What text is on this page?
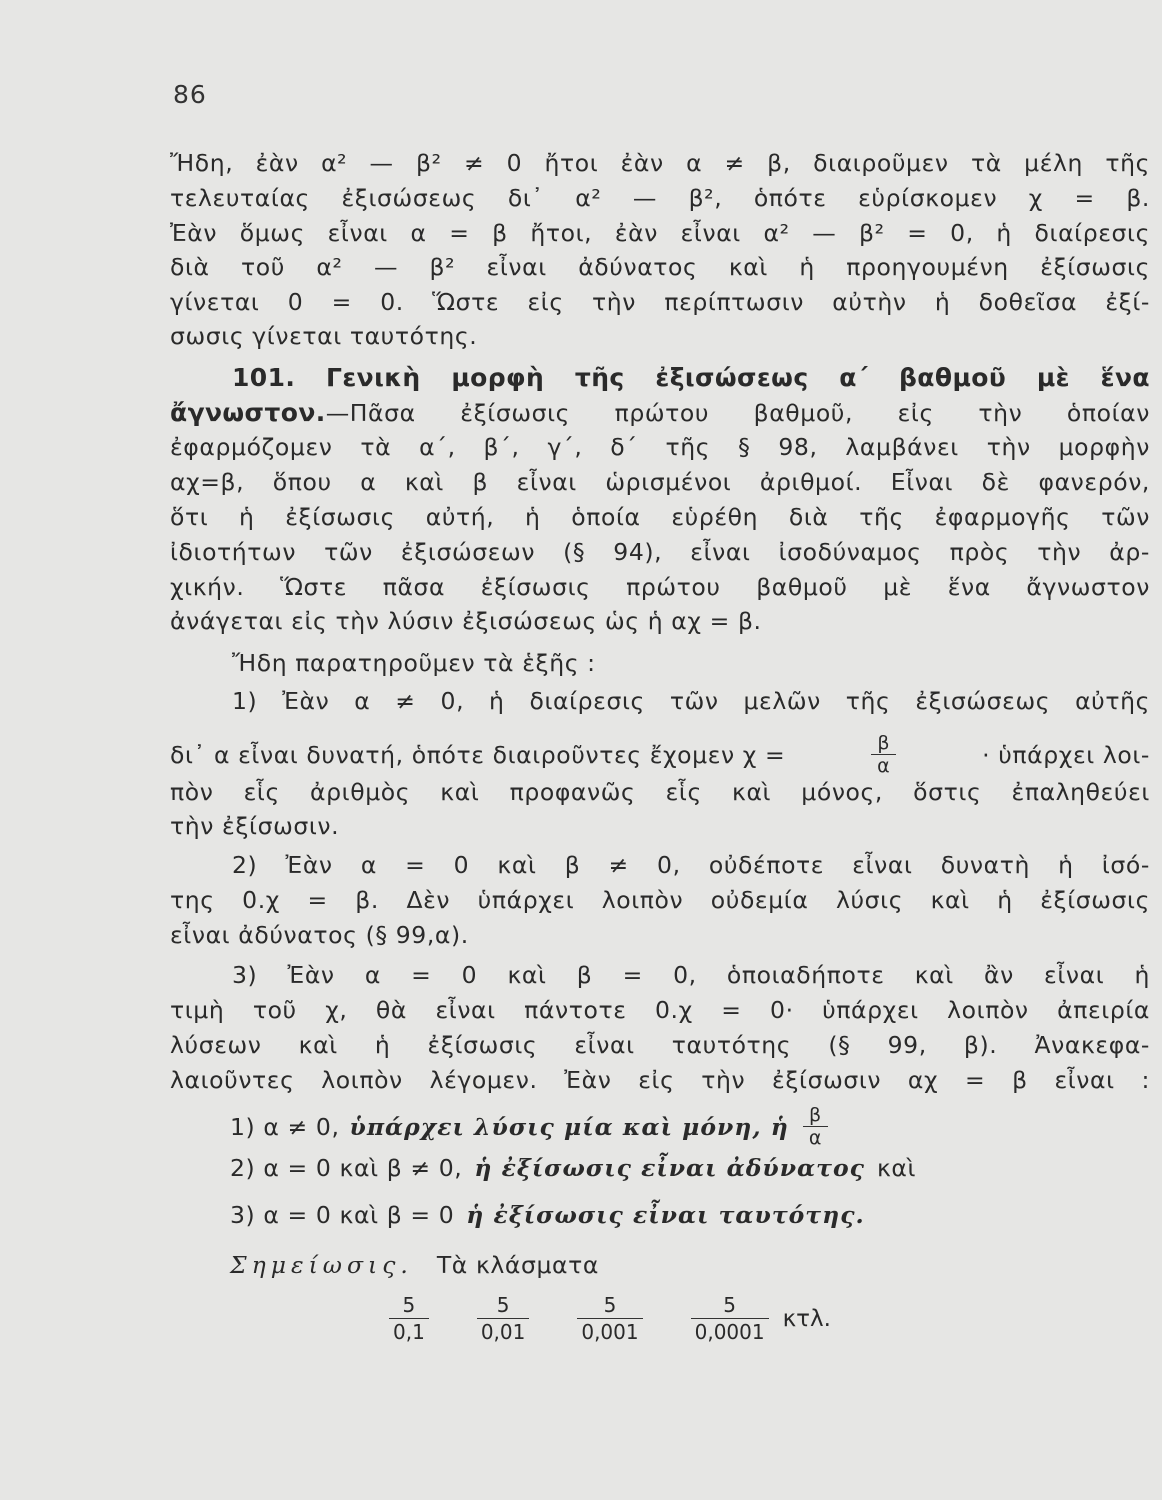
86
Ἤδη, ἐὰν α² — β² ≠ 0 ἤτοι ἐὰν α ≠ β, διαιροῦμεν τὰ μέλη τῆς
τελευταίας ἐξισώσεως δι᾽ α² — β², ὁπότε εὑρίσκομεν χ = β.
Ἐὰν ὅμως εἶναι α = β ἤτοι, ἐὰν εἶναι α² — β² = 0, ἡ διαίρεσις
διὰ τοῦ α² — β² εἶναι ἀδύνατος καὶ ἡ προηγουμένη ἐξίσωσις
γίνεται 0 = 0. Ὥστε εἰς τὴν περίπτωσιν αὐτὴν ἡ δοθεῖσα ἐξί-
σωσις γίνεται ταυτότης.
101. Γενικὴ μορφὴ τῆς ἐξισώσεως α΄ βαθμοῦ μὲ ἕνα
ἄγνωστον. —Πᾶσα ἐξίσωσις πρώτου βαθμοῦ, εἰς τὴν ὁποίαν
ἐφαρμόζομεν τὰ α΄, β΄, γ΄, δ΄ τῆς § 98, λαμβάνει τὴν μορφὴν
αχ=β, ὅπου α καὶ β εἶναι ὡρισμένοι ἀριθμοί. Εἶναι δὲ φανερόν,
ὅτι ἡ ἐξίσωσις αὐτή, ἡ ὁποία εὑρέθη διὰ τῆς ἐφαρμογῆς τῶν
ἰδιοτήτων τῶν ἐξισώσεων (§ 94), εἶναι ἰσοδύναμος πρὸς τὴν ἀρ-
χικήν. Ὥστε πᾶσα ἐξίσωσις πρώτου βαθμοῦ μὲ ἕνα ἄγνωστον
ἀνάγεται εἰς τὴν λύσιν ἐξισώσεως ὡς ἡ αχ = β.
Ἤδη παρατηροῦμεν τὰ ἑξῆς :
1) Ἐὰν α ≠ 0, ἡ διαίρεσις τῶν μελῶν τῆς ἐξισώσεως αὐτῆς
δι᾽ α εἶναι δυνατή, ὁπότε διαιροῦντες ἔχομεν χ =	$\frac{\beta}{\alpha}$	· ὑπάρχει λοι-
πὸν εἷς ἀριθμὸς καὶ προφανῶς εἷς καὶ μόνος, ὅστις ἐπαληθεύει
τὴν ἐξίσωσιν.
2) Ἐὰν α = 0 καὶ β ≠ 0, οὐδέποτε εἶναι δυνατὴ ἡ ἰσό-
της 0.χ = β. Δὲν ὑπάρχει λοιπὸν οὐδεμία λύσις καὶ ἡ ἐξίσωσις
εἶναι ἀδύνατος (§ 99,α).
3) Ἐὰν α = 0 καὶ β = 0, ὁποιαδήποτε καὶ ἂν εἶναι ἡ
τιμὴ τοῦ χ, θὰ εἶναι πάντοτε 0.χ = 0· ὑπάρχει λοιπὸν ἀπειρία
λύσεων καὶ ἡ ἐξίσωσις εἶναι ταυτότης (§ 99, β). Ἀνακεφα-
λαιοῦντες λοιπὸν λέγομεν. Ἐὰν εἰς τὴν ἐξίσωσιν αχ = β εἶναι :
1) α ≠ 0, ὑπάρχει λύσις μία καὶ μόνη, ἡ $\frac{\beta}{\alpha}$
2) α = 0 καὶ β ≠ 0, ἡ ἐξίσωσις εἶναι ἀδύνατος καὶ
3) α = 0 καὶ β = 0 ἡ ἐξίσωσις εἶναι ταυτότης.
Σημείωσις. Τὰ κλάσματα
$\frac{5}{0,1} \frac{5}{0,01} \frac{5}{0,001} \frac{5}{0,0001} \kappa\tau\lambda$.
